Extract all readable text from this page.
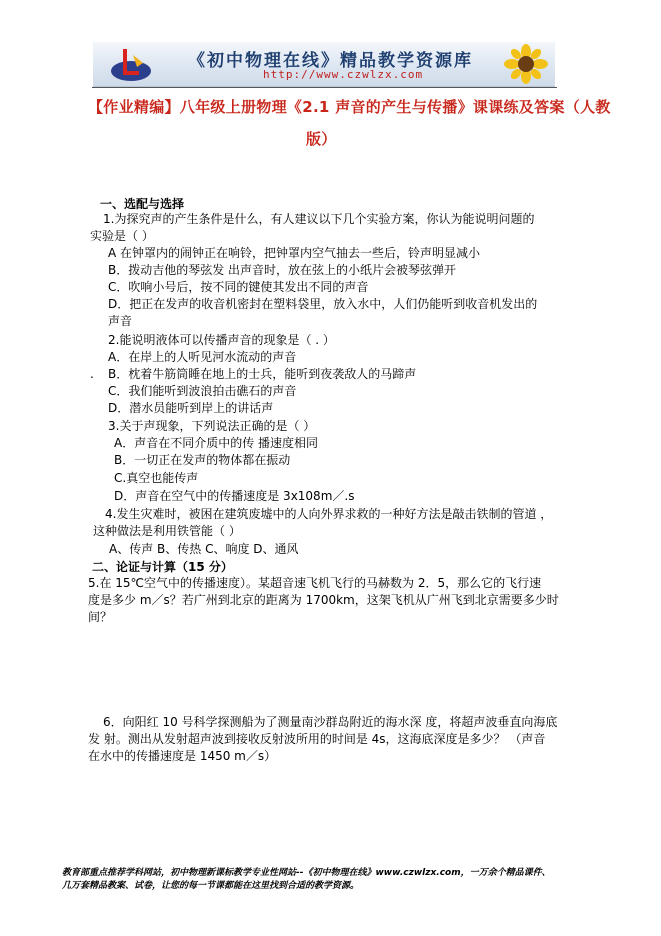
《初中物理在线》精品教学资源库
http://www.czwlzx.com
【作业精编】八年级上册物理《2.1 声音的产生与传播》课课练及答案（人教
版）
一、选配与选择
1.为探究声的产生条件是什么，有人建议以下几个实验方案，你认为能说明问题的
实验是（ ）
A 在钟罩内的闹钟正在响铃，把钟罩内空气抽去一些后，铃声明显减小
B．拨动吉他的琴弦发 出声音时，放在弦上的小纸片会被琴弦弹开
C．吹响小号后，按不同的键使其发出不同的声音
D．把正在发声的收音机密封在塑料袋里，放入水中，人们仍能听到收音机发出的
声音
2.能说明液体可以传播声音的现象是（ . ）
A．在岸上的人听见河水流动的声音
. B．枕着牛筋筒睡在地上的士兵，能听到夜袭敌人的马蹄声
C．我们能听到波浪拍击礁石的声音
D．潜水员能听到岸上的讲话声
3.关于声现象，下列说法正确的是（ ）
A．声音在不同介质中的传 播速度相同
B．一切正在发声的物体都在振动
C.真空也能传声
D．声音在空气中的传播速度是 3x108m／.s
4.发生灾难时，被困在建筑废墟中的人向外界求救的一种好方法是敲击铁制的管道 ，
这种做法是利用铁管能（ ）
A、传声 B、传热 C、响度 D、通风
二、论证与计算（15 分）
5.在 15℃空气中的传播速度）。某超音速飞机飞行的马赫数为 2．5，那么它的飞行速
度是多少 m／s？若广州到北京的距离为 1700km，这架飞机从广州飞到北京需要多少时
间？
6．向阳红 10 号科学探测船为了测量南沙群岛附近的海水深 度，将超声波垂直向海底
发 射。测出从发射超声波到接收反射波所用的时间是 4s，这海底深度是多少？ （声音
在水中的传播速度是 1450 m／s）
教育部重点推荐学科网站，初中物理新课标教学专业性网站--《初中物理在线》www.czwlzx.com，一万余个精品课件、
几万套精品教案、试卷，让您的每一节课都能在这里找到合适的教学资源。
